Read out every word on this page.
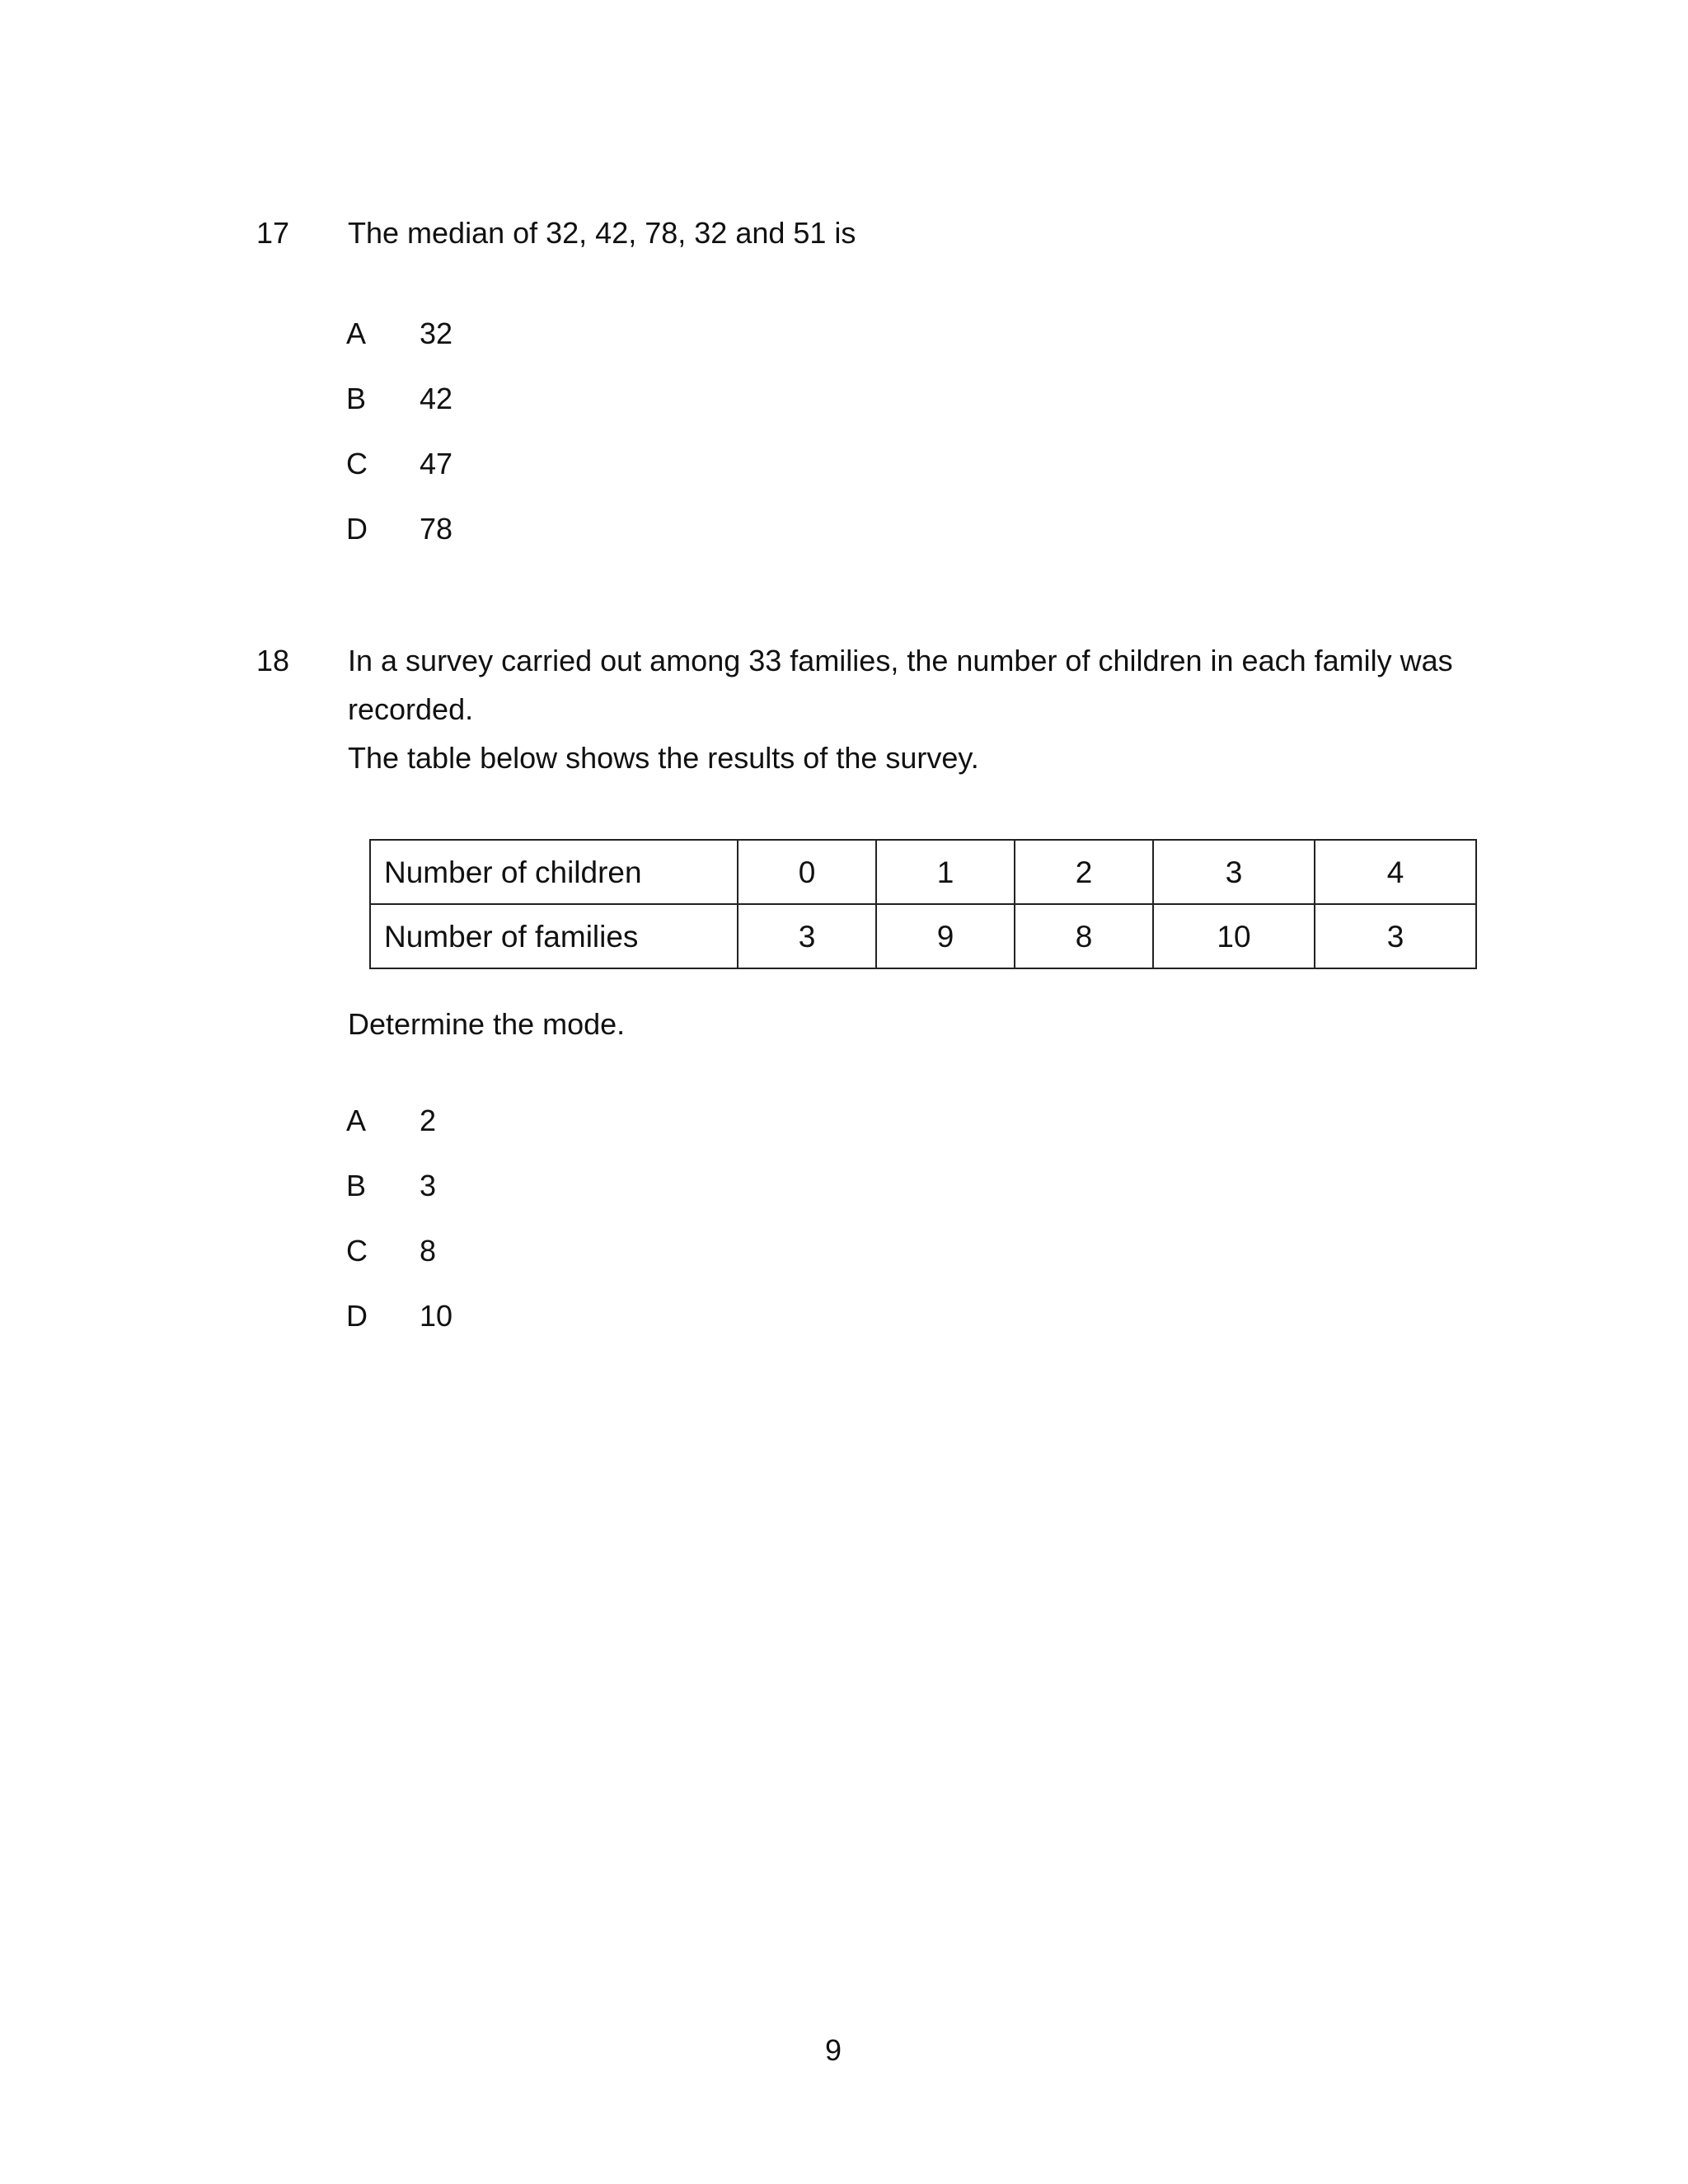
17 The median of 32, 42, 78, 32 and 51 is
A	32
B	42
C	47
D	78
18 In a survey carried out among 33 families, the number of children in each family was
recorded.
The table below shows the results of the survey.
Number of children	0	1	2	3	4
Number of families	3	9	8	10	3
Determine the mode.
A	2
B	3
C	8
D	10
9
